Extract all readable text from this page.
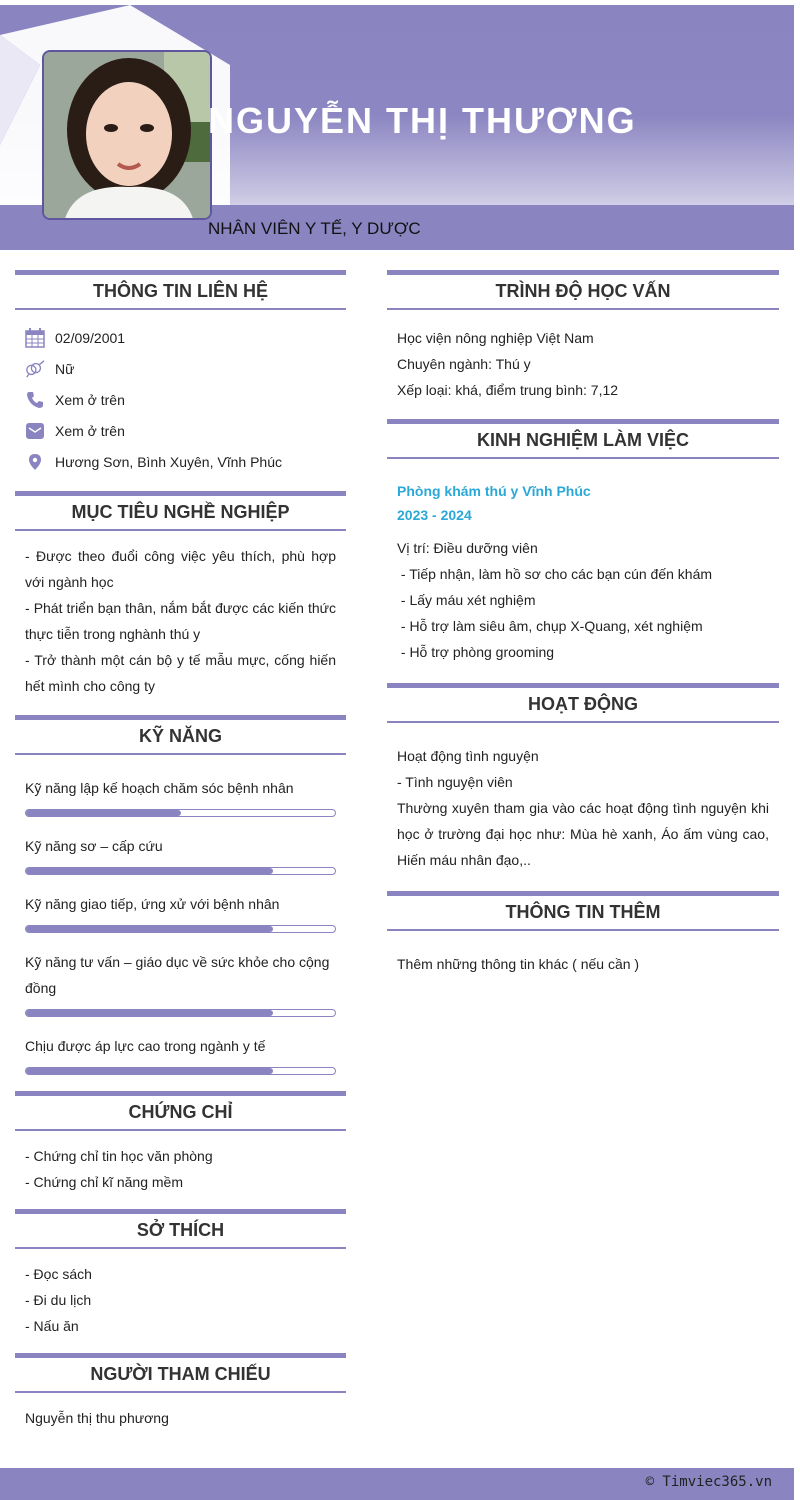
NGUYỄN THỊ THƯƠNG
NHÂN VIÊN Y TẾ, Y DƯỢC
THÔNG TIN LIÊN HỆ
02/09/2001
Nữ
Xem ở trên
Xem ở trên
Hương Sơn, Bình Xuyên, Vĩnh Phúc
MỤC TIÊU NGHỀ NGHIỆP
- Được theo đuổi công việc yêu thích, phù hợp với ngành học
- Phát triển bạn thân, nắm bắt được các kiến thức thực tiễn trong nghành thú y
- Trở thành một cán bộ y tế mẫu mực, cống hiến hết mình cho công ty
KỸ NĂNG
Kỹ năng lập kế hoạch chăm sóc bệnh nhân
Kỹ năng sơ – cấp cứu
Kỹ năng giao tiếp, ứng xử với bệnh nhân
Kỹ năng tư vấn – giáo dục về sức khỏe cho cộng đồng
Chịu được áp lực cao trong ngành y tế
CHỨNG CHỈ
- Chứng chỉ tin học văn phòng
- Chứng chỉ kĩ năng mềm
SỞ THÍCH
- Đọc sách
- Đi du lịch
- Nấu ăn
NGƯỜI THAM CHIẾU
Nguyễn thị thu phương
TRÌNH ĐỘ HỌC VẤN
Học viện nông nghiệp Việt Nam
Chuyên ngành: Thú y
Xếp loại: khá, điểm trung bình: 7,12
KINH NGHIỆM LÀM VIỆC
Phòng khám thú y Vĩnh Phúc
2023 - 2024
Vị trí: Điều dưỡng viên
- Tiếp nhận, làm hồ sơ cho các bạn cún đến khám
- Lấy máu xét nghiệm
- Hỗ trợ làm siêu âm, chụp X-Quang, xét nghiệm
- Hỗ trợ phòng grooming
HOẠT ĐỘNG
Hoạt động tình nguyện
- Tình nguyện viên
Thường xuyên tham gia vào các hoạt động tình nguyện khi học ở trường đại học như: Mùa hè xanh, Áo ấm vùng cao, Hiến máu nhân đạo,..
THÔNG TIN THÊM
Thêm những thông tin khác ( nếu cần )
© Timviec365.vn
